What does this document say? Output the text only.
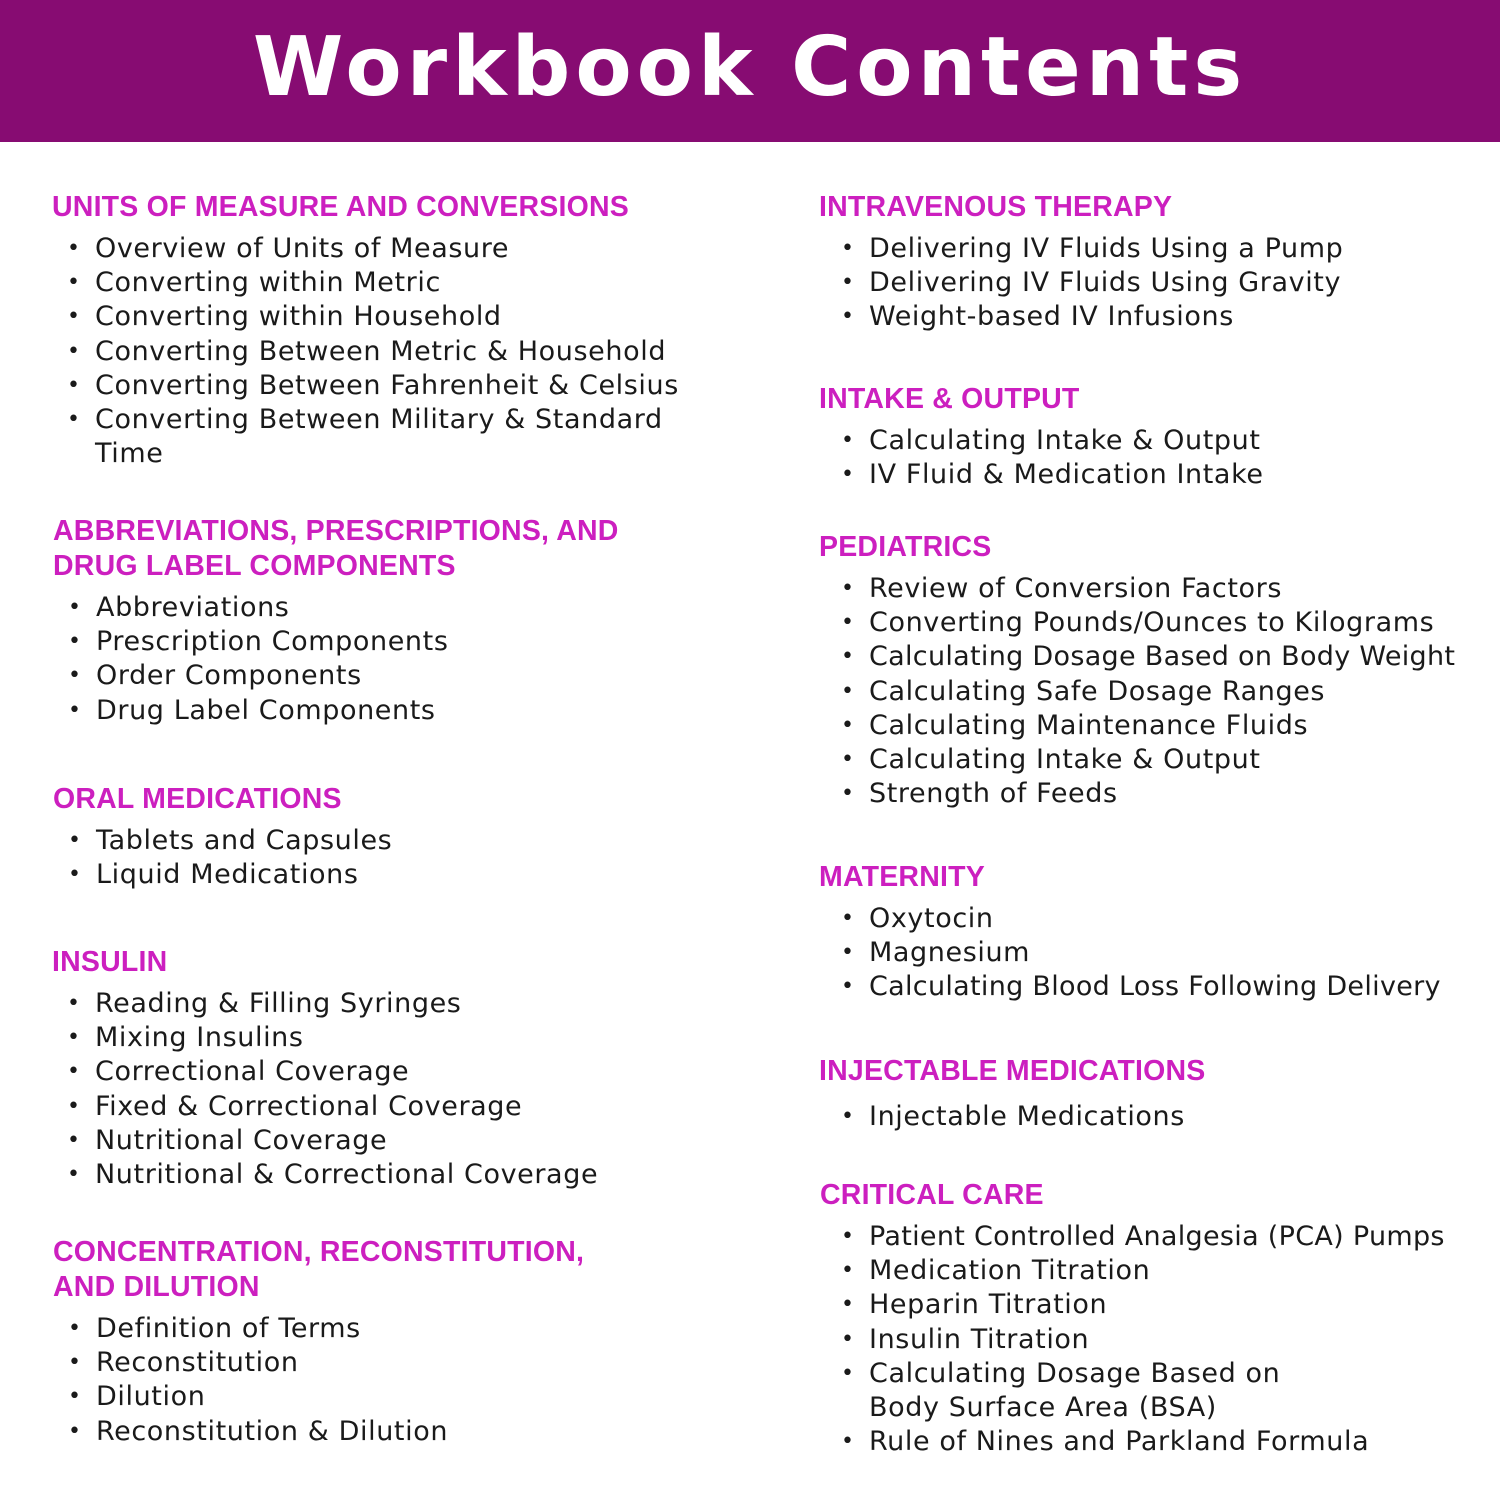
Workbook Contents
UNITS OF MEASURE AND CONVERSIONS
• Overview of Units of Measure
• Converting within Metric
• Converting within Household
• Converting Between Metric & Household
• Converting Between Fahrenheit & Celsius
• Converting Between Military & Standard Time
ABBREVIATIONS, PRESCRIPTIONS, AND DRUG LABEL COMPONENTS
• Abbreviations
• Prescription Components
• Order Components
• Drug Label Components
ORAL MEDICATIONS
• Tablets and Capsules
• Liquid Medications
INSULIN
• Reading & Filling Syringes
• Mixing Insulins
• Correctional Coverage
• Fixed & Correctional Coverage
• Nutritional Coverage
• Nutritional & Correctional Coverage
CONCENTRATION, RECONSTITUTION, AND DILUTION
• Definition of Terms
• Reconstitution
• Dilution
• Reconstitution & Dilution
INTRAVENOUS THERAPY
• Delivering IV Fluids Using a Pump
• Delivering IV Fluids Using Gravity
• Weight-based IV Infusions
INTAKE & OUTPUT
• Calculating Intake & Output
• IV Fluid & Medication Intake
PEDIATRICS
• Review of Conversion Factors
• Converting Pounds/Ounces to Kilograms
• Calculating Dosage Based on Body Weight
• Calculating Safe Dosage Ranges
• Calculating Maintenance Fluids
• Calculating Intake & Output
• Strength of Feeds
MATERNITY
• Oxytocin
• Magnesium
• Calculating Blood Loss Following Delivery
INJECTABLE MEDICATIONS
• Injectable Medications
CRITICAL CARE
• Patient Controlled Analgesia (PCA) Pumps
• Medication Titration
• Heparin Titration
• Insulin Titration
• Calculating Dosage Based on Body Surface Area (BSA)
• Rule of Nines and Parkland Formula
